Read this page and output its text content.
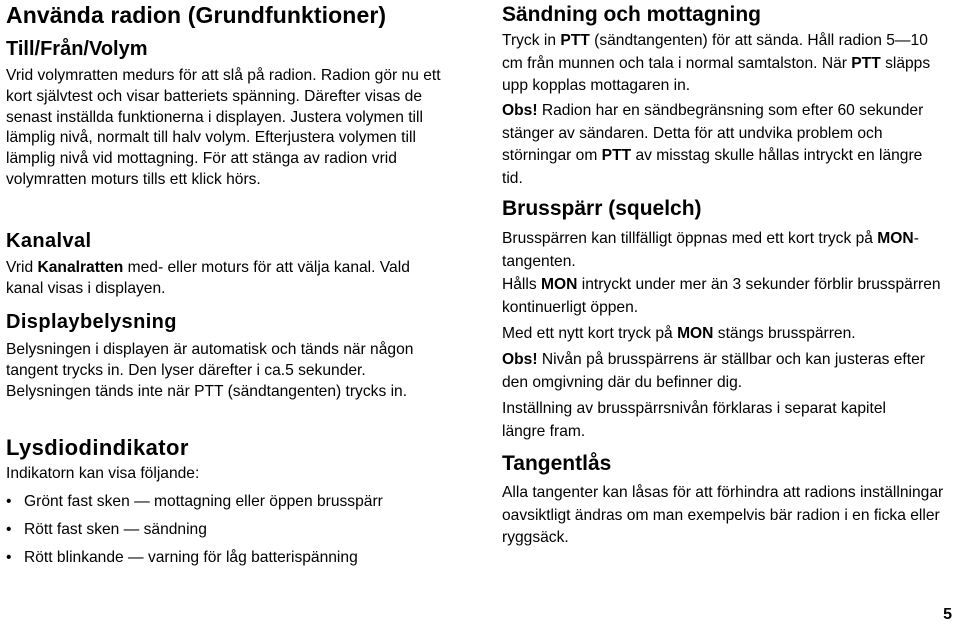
Använda radion (Grundfunktioner)
Till/Från/Volym

Vrid volymratten medurs för att slå på radion. Radion gör nu ett kort självtest och visar batteriets spänning. Därefter visas de senast inställda funktionerna i displayen. Justera volymen till lämplig nivå, normalt till halv volym. Efterjustera volymen till lämplig nivå vid mottagning. För att stänga av radion vrid volymratten moturs tills ett klick hörs.

Kanalval

Vrid Kanalratten med- eller moturs för att välja kanal. Vald kanal visas i displayen.

Displaybelysning

Belysningen i displayen är automatisk och tänds när någon tangent trycks in. Den lyser därefter i ca.5 sekunder. Belysningen tänds inte när PTT (sändtangenten) trycks in.

Lysdiodindikator

Indikatorn kan visa följande:

• Grönt fast sken — mottagning eller öppen brusspärr
• Rött fast sken — sändning
• Rött blinkande — varning för låg batterispänning
Sändning och mottagning

Tryck in PTT (sändtangenten) för att sända. Håll radion 5—10 cm från munnen och tala i normal samtalston. När PTT släpps upp kopplas mottagaren in.

Obs! Radion har en sändbegränsning som efter 60 sekunder stänger av sändaren. Detta för att undvika problem och störningar om PTT av misstag skulle hållas intryckt en längre tid.

Brusspärr (squelch)

Brusspärren kan tillfälligt öppnas med ett kort tryck på MON-tangenten.

Hålls MON intryckt under mer än 3 sekunder förblir brusspärren kontinuerligt öppen.

Med ett nytt kort tryck på MON stängs brusspärren.

Obs! Nivån på brusspärrens är ställbar och kan justeras efter den omgivning där du befinner dig.

Inställning av brusspärrsnivån förklaras i separat kapitel längre fram.

Tangentlås

Alla tangenter kan låsas för att förhindra att radions inställningar oavsiktligt ändras om man exempelvis bär radion i en ficka eller ryggsäck.

5
